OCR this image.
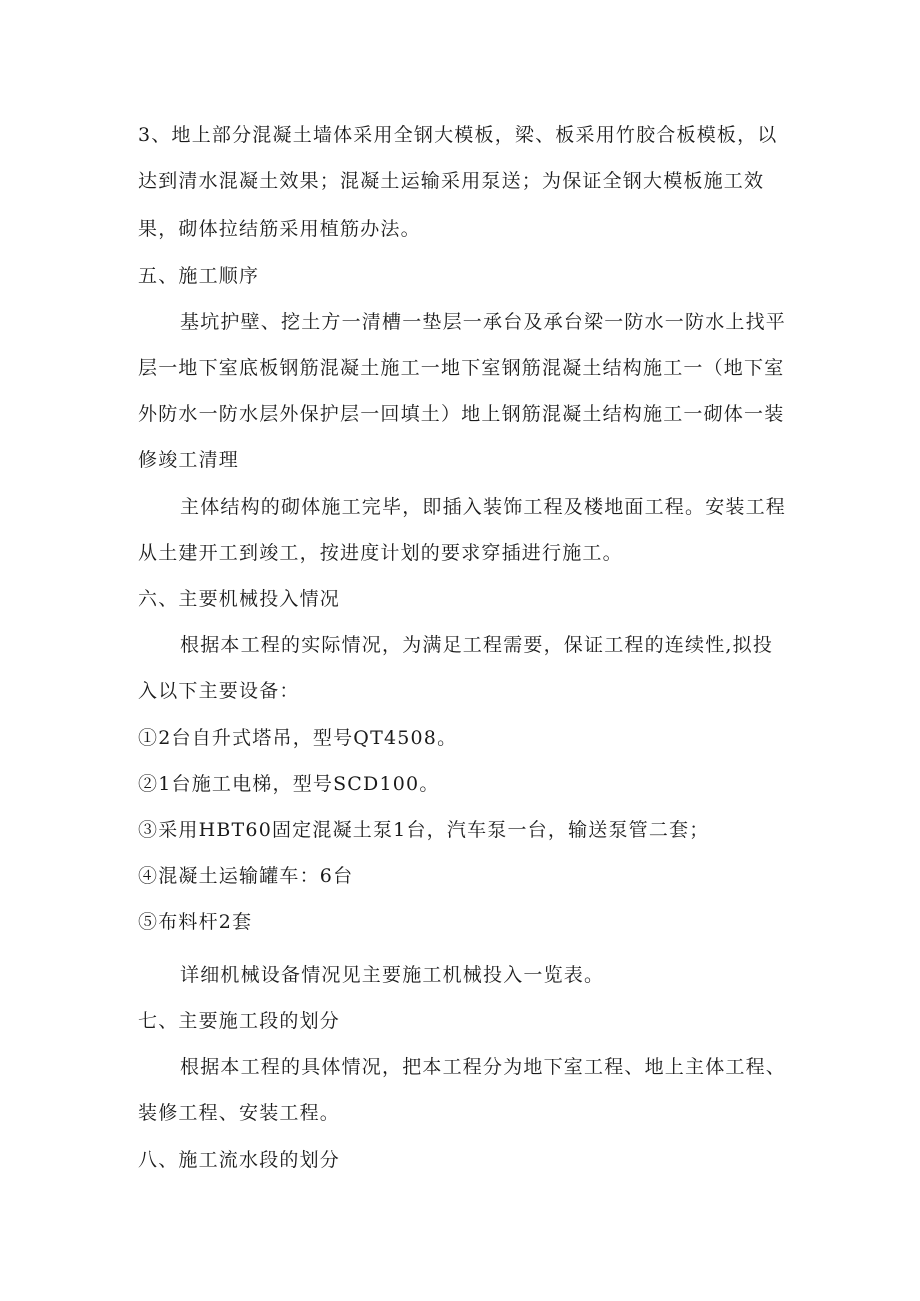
3、地上部分混凝土墙体采用全钢大模板，梁、板采用竹胶合板模板，以
达到清水混凝土效果；混凝土运输采用泵送；为保证全钢大模板施工效
果，砌体拉结筋采用植筋办法。
五、施工顺序
基坑护壁、挖土方一清槽一垫层一承台及承台梁一防水一防水上找平
层一地下室底板钢筋混凝土施工一地下室钢筋混凝土结构施工一（地下室
外防水一防水层外保护层一回填土）地上钢筋混凝土结构施工一砌体一装
修竣工清理
主体结构的砌体施工完毕，即插入装饰工程及楼地面工程。安装工程
从土建开工到竣工，按进度计划的要求穿插进行施工。
六、主要机械投入情况
根据本工程的实际情况，为满足工程需要，保证工程的连续性,拟投
入以下主要设备：
①2台自升式塔吊，型号QT4508。
②1台施工电梯，型号SCD100。
③采用HBT60固定混凝土泵1台，汽车泵一台，输送泵管二套；
④混凝土运输罐车：6台
⑤布料杆2套
详细机械设备情况见主要施工机械投入一览表。
七、主要施工段的划分
根据本工程的具体情况，把本工程分为地下室工程、地上主体工程、
装修工程、安装工程。
八、施工流水段的划分
